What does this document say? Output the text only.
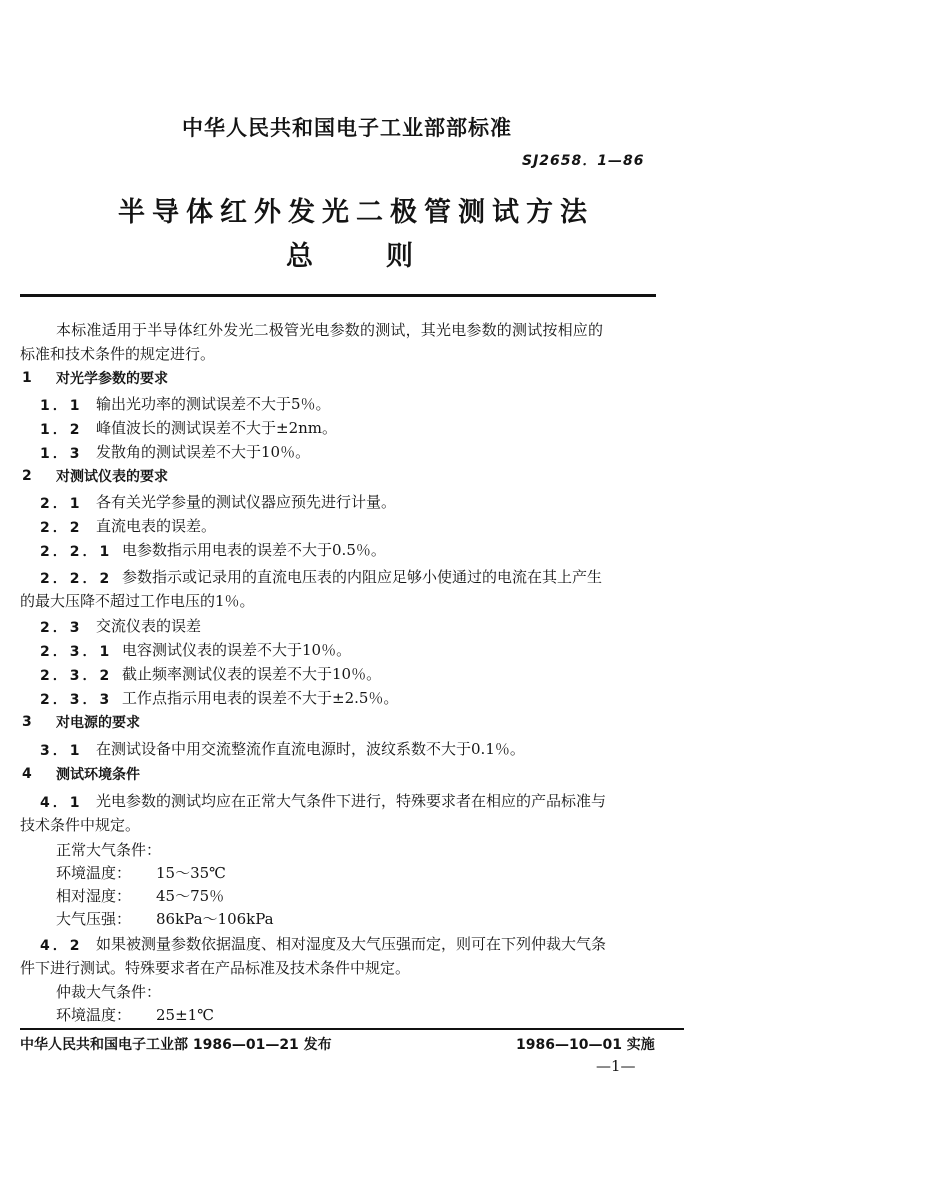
中华人民共和国电子工业部部标准
SJ2658．1—86
半导体红外发光二极管测试方法
总	则
本标准适用于半导体红外发光二极管光电参数的测试，其光电参数的测试按相应的
标准和技术条件的规定进行。
1 对光学参数的要求
1．1 输出光功率的测试误差不大于5％。
1．2 峰值波长的测试误差不大于±2nm。
1．3 发散角的测试误差不大于10％。
2 对测试仪表的要求
2．1 各有关光学参量的测试仪器应预先进行计量。
2．2 直流电表的误差。
2．2．1 电参数指示用电表的误差不大于0.5％。
2．2．2 参数指示或记录用的直流电压表的内阻应足够小使通过的电流在其上产生
的最大压降不超过工作电压的1％。
2．3 交流仪表的误差
2．3．1 电容测试仪表的误差不大于10％。
2．3．2 截止频率测试仪表的误差不大于10％。
2．3．3 工作点指示用电表的误差不大于±2.5％。
3 对电源的要求
3．1 在测试设备中用交流整流作直流电源时，波纹系数不大于0.1％。
4 测试环境条件
4．1 光电参数的测试均应在正常大气条件下进行，特殊要求者在相应的产品标准与
技术条件中规定。
正常大气条件：
环境温度： 15～35℃
相对湿度： 45～75％
大气压强： 86kPa～106kPa
4．2 如果被测量参数依据温度、相对湿度及大气压强而定，则可在下列仲裁大气条
件下进行测试。特殊要求者在产品标准及技术条件中规定。
仲裁大气条件：
环境温度： 25±1℃
中华人民共和国电子工业部 1986—01—21 发布	1986—10—01 实施
—1—
